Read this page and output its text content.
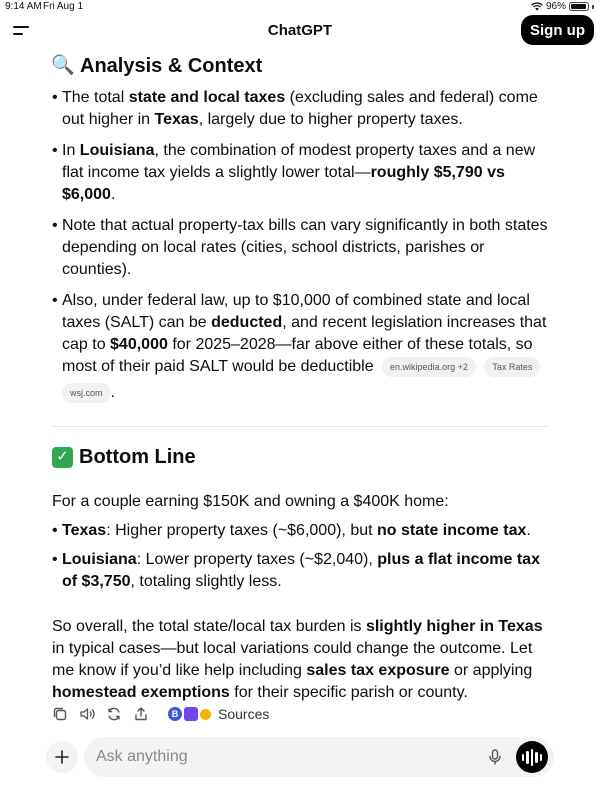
9:14 AM Fri Aug 1	96%
ChatGPT	Sign up
🔍 Analysis & Context
• The total state and local taxes (excluding sales and federal) come out higher in Texas, largely due to higher property taxes.
• In Louisiana, the combination of modest property taxes and a new flat income tax yields a slightly lower total—roughly $5,790 vs $6,000.
• Note that actual property-tax bills can vary significantly in both states depending on local rates (cities, school districts, parishes or counties).
• Also, under federal law, up to $10,000 of combined state and local taxes (SALT) can be deducted, and recent legislation increases that cap to $40,000 for 2025–2028—far above either of these totals, so most of their paid SALT would be deductible en.wikipedia.org +2	Tax Rates
wsj.com .
✓ Bottom Line

For a couple earning $150K and owning a $400K home:

• Texas: Higher property taxes (~$6,000), but no state income tax.
• Louisiana: Lower property taxes (~$2,040), plus a flat income tax of $3,750, totaling slightly less.

So overall, the total state/local tax burden is slightly higher in Texas in typical cases—but local variations could change the outcome. Let me know if you’d like help including sales tax exposure or applying homestead exemptions for their specific parish or county.

B	Sources
Ask anything
